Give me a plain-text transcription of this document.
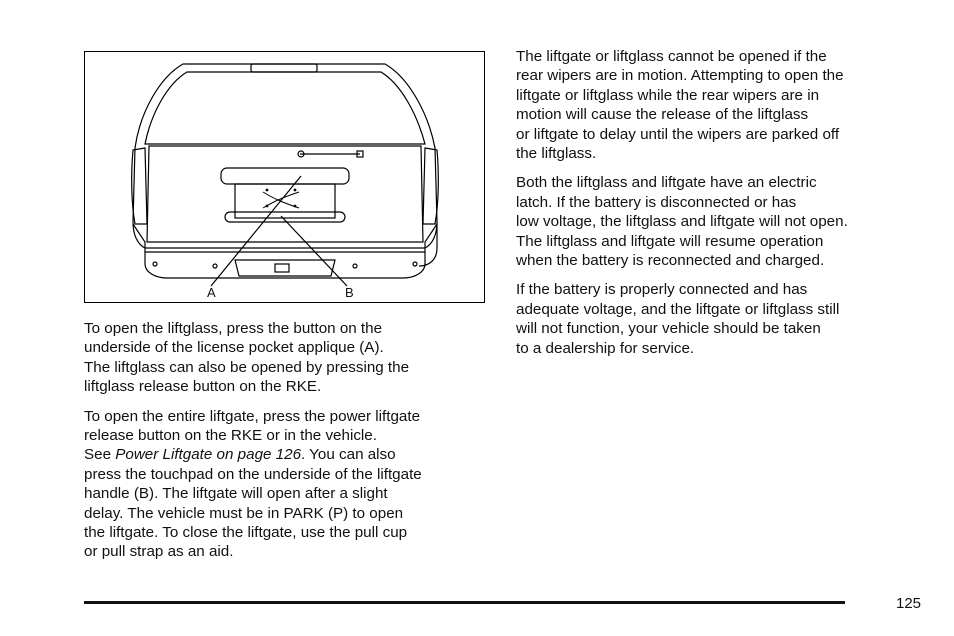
A	B

To open the liftglass, press the button on the
underside of the license pocket applique (A).
The liftglass can also be opened by pressing the
liftglass release button on the RKE.

To open the entire liftgate, press the power liftgate
release button on the RKE or in the vehicle.
See Power Liftgate on page 126. You can also
press the touchpad on the underside of the liftgate
handle (B). The liftgate will open after a slight
delay. The vehicle must be in PARK (P) to open
the liftgate. To close the liftgate, use the pull cup
or pull strap as an aid.

The liftgate or liftglass cannot be opened if the
rear wipers are in motion. Attempting to open the
liftgate or liftglass while the rear wipers are in
motion will cause the release of the liftglass
or liftgate to delay until the wipers are parked off
the liftglass.

Both the liftglass and liftgate have an electric
latch. If the battery is disconnected or has
low voltage, the liftglass and liftgate will not open.
The liftglass and liftgate will resume operation
when the battery is reconnected and charged.

If the battery is properly connected and has
adequate voltage, and the liftgate or liftglass still
will not function, your vehicle should be taken
to a dealership for service.

125
